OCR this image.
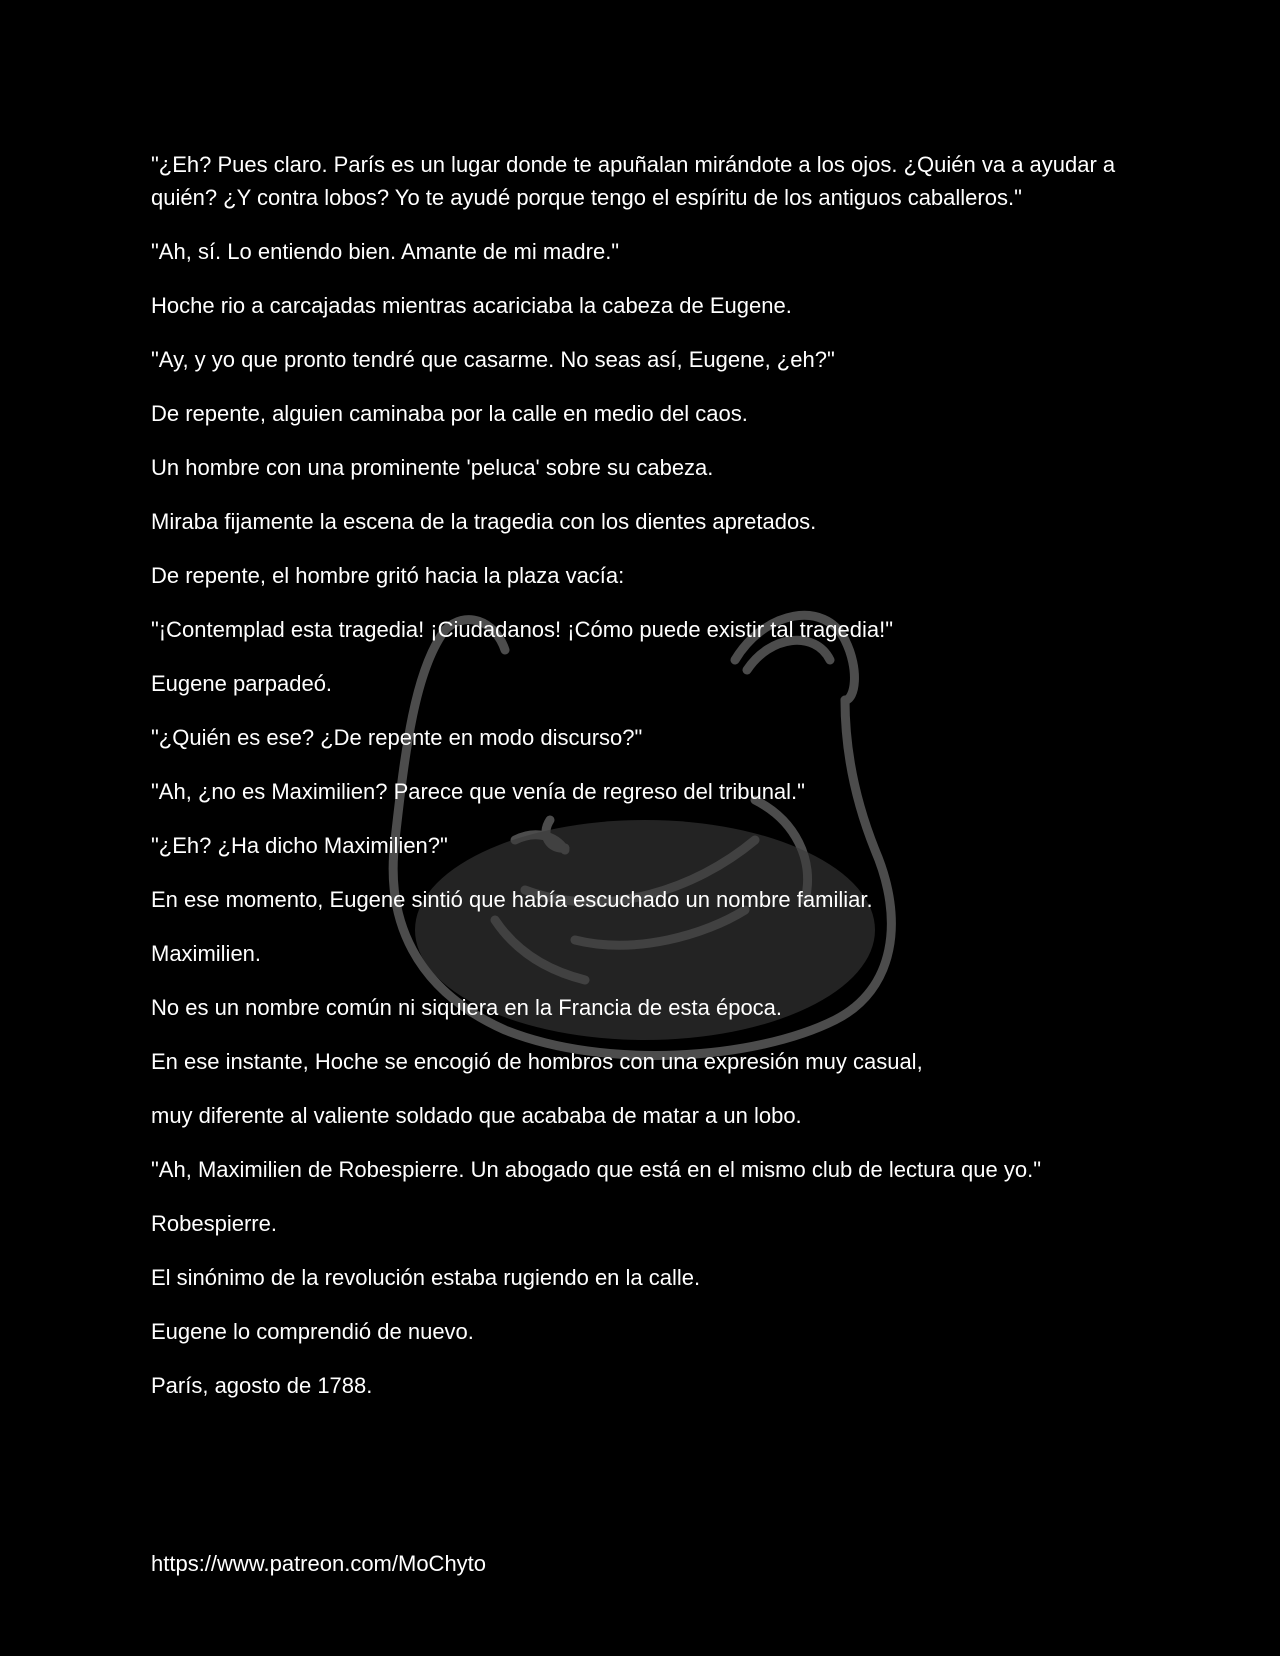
"¿Eh? Pues claro. París es un lugar donde te apuñalan mirándote a los ojos. ¿Quién va a ayudar a quién? ¿Y contra lobos? Yo te ayudé porque tengo el espíritu de los antiguos caballeros."

"Ah, sí. Lo entiendo bien. Amante de mi madre."

Hoche rio a carcajadas mientras acariciaba la cabeza de Eugene.

"Ay, y yo que pronto tendré que casarme. No seas así, Eugene, ¿eh?"

De repente, alguien caminaba por la calle en medio del caos.

Un hombre con una prominente 'peluca' sobre su cabeza.

Miraba fijamente la escena de la tragedia con los dientes apretados.

De repente, el hombre gritó hacia la plaza vacía:

"¡Contemplad esta tragedia! ¡Ciudadanos! ¡Cómo puede existir tal tragedia!"

Eugene parpadeó.

"¿Quién es ese? ¿De repente en modo discurso?"

"Ah, ¿no es Maximilien? Parece que venía de regreso del tribunal."

"¿Eh? ¿Ha dicho Maximilien?"

En ese momento, Eugene sintió que había escuchado un nombre familiar.

Maximilien.

No es un nombre común ni siquiera en la Francia de esta época.

En ese instante, Hoche se encogió de hombros con una expresión muy casual,

muy diferente al valiente soldado que acababa de matar a un lobo.

"Ah, Maximilien de Robespierre. Un abogado que está en el mismo club de lectura que yo."

Robespierre.

El sinónimo de la revolución estaba rugiendo en la calle.

Eugene lo comprendió de nuevo.

París, agosto de 1788.

https://www.patreon.com/MoChyto
